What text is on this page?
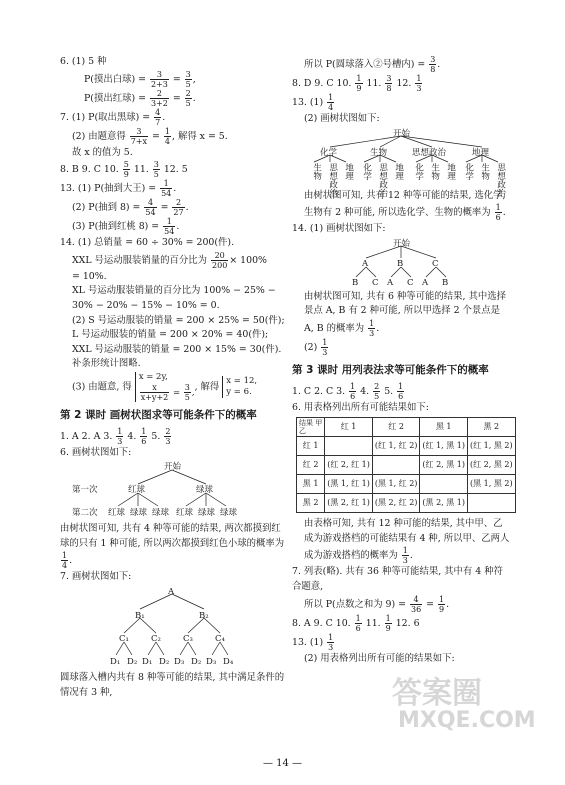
6. (1) 5 种

P(摸出白球) = $\frac{3}{2+3} = \frac{3}{5}$ ,

P(摸出红球) = $\frac{2}{3+2} = \frac{2}{5}$ .

7. (1) P(取出黑球) = $\frac{4}{7}$ .

(2) 由题意得 $\frac{3}{7+x} = \frac{1}{4}$ , 解得 x = 5.

故 x 的值为 5.

8. B 9. C 10. $\frac{5}{9} 11$. $\frac{3}{5} 12$. 5

13. (1) P(抽到大王) = $\frac{1}{54}$ .

(2) P(抽到 $8) = \frac{4}{54} = \frac{2}{27}$ .

(3) P(抽到红桃 $8) = \frac{1}{54}$ .

14. (1) 总销量 = 60 ÷ 30% = 200(件).

XXL 号运动服装销量的百分比为 $\frac{20}{200} \times 100\%$

= 10%.

XL 号运动服装销量的百分比为 100% − 25% −

30% − 20% − 15% − 10% = 0.

(2) S 号运动服装的销量 = 200 × 25% = 50(件);

L 号运动服装的销量 = 200 × 20% = 40(件);

XXL 号运动服装的销量 = 200 × 15% = 30(件).

补条形统计图略.

(3) 由题意, 得 x = 2y,

$\frac{x}{x+y+2} = \frac{3}{5}$ ,, 解得 x = 12,
y = 6.

第 2 课时 画树状图求等可能条件下的概率

1. A 2. A 3. $\frac{1}{3} 4$. $\frac{1}{6} 5$. $\frac{2}{3}$

6. 画树状图如下:

开始
第一次	红球	绿球
第二次 红球 绿球 绿球 红球 绿球 绿球

由树状图可知, 共有 4 种等可能的结果, 两次都摸到红球的只有 1 种可能, 所以两次都摸到红色小球的概率为
$\frac{1}{4}$ .

7. 画树状图如下:

A
B₁	B₂
C₁	C₂	C₃	C₄
D₁ D₂ D₁ D₂ D₃ D₂ D₃ D₄

圆球落入槽内共有 8 种等可能的结果, 其中满足条件的情况有 3 种,

所以 P(圆球落入②号槽内) = $\frac{3}{8}$ .

8. D 9. C 10. $\frac{1}{9} 11$. $\frac{3}{8} 12$. $\frac{1}{3}$

13. $(1) \frac{1}{4}$

(2) 画树状图如下:

开始
化学	生物	思想政治	地理
生物 思想政治 地理 化学 思想政治 地理	化学 生物 地理 化学 生物 思想政治

由树状图可知, 共有 12 种等可能的结果, 选化学, 生物有 2 种可能, 所以选化学、生物的概率为 $\frac{1}{6}$ .

14. (1) 画树状图如下:

开始
A	B	C
B C A C A B

由树状图可知, 共有 6 种等可能的结果, 其中选择景点 A, B 有 2 种可能, 所以甲选择 2 个景点是 A, B 的概率为 $\frac{1}{3}$ .

$(2) \frac{1}{3}$

第 3 课时 用列表法求等可能条件下的概率

1. C 2. C 3. $\frac{1}{6} 4$. $\frac{2}{5} 5$. $\frac{1}{6}$

6. 用表格列出所有可能结果如下:

结果 甲
乙	红 1	红 2	黑 1	黑 2
红 1		(红 1, 红 2)	(红 1, 黑 1)	(红 1, 黑 2)
红 2	(红 2, 红 1)		(红 2, 黑 1)	(红 2, 黑 2)
黑 1	(黑 1, 红 1)	(黑 1, 红 2)		(黑 1, 黑 2)
黑 2	(黑 2, 红 1)	(黑 2, 红 2)	(黑 2, 黑 1)	

由表格可知, 共有 12 种可能的结果, 其中甲、乙成为游戏搭档的可能结果有 4 种, 所以甲、乙两人成为游戏搭档的概率为 $\frac{1}{3}$ .

7. 列表(略). 共有 36 种等可能结果, 其中有 4 种符合题意,

所以 P(点数之和为 $9) = \frac{4}{36} = \frac{1}{9}$ .

8. A 9. C 10. $\frac{1}{6} 11$. $\frac{1}{9} 12$. 6

13. $(1) \frac{1}{3}$

(2) 用表格列出所有可能的结果如下:

答案圈
MXQE.COM
— 14 —
